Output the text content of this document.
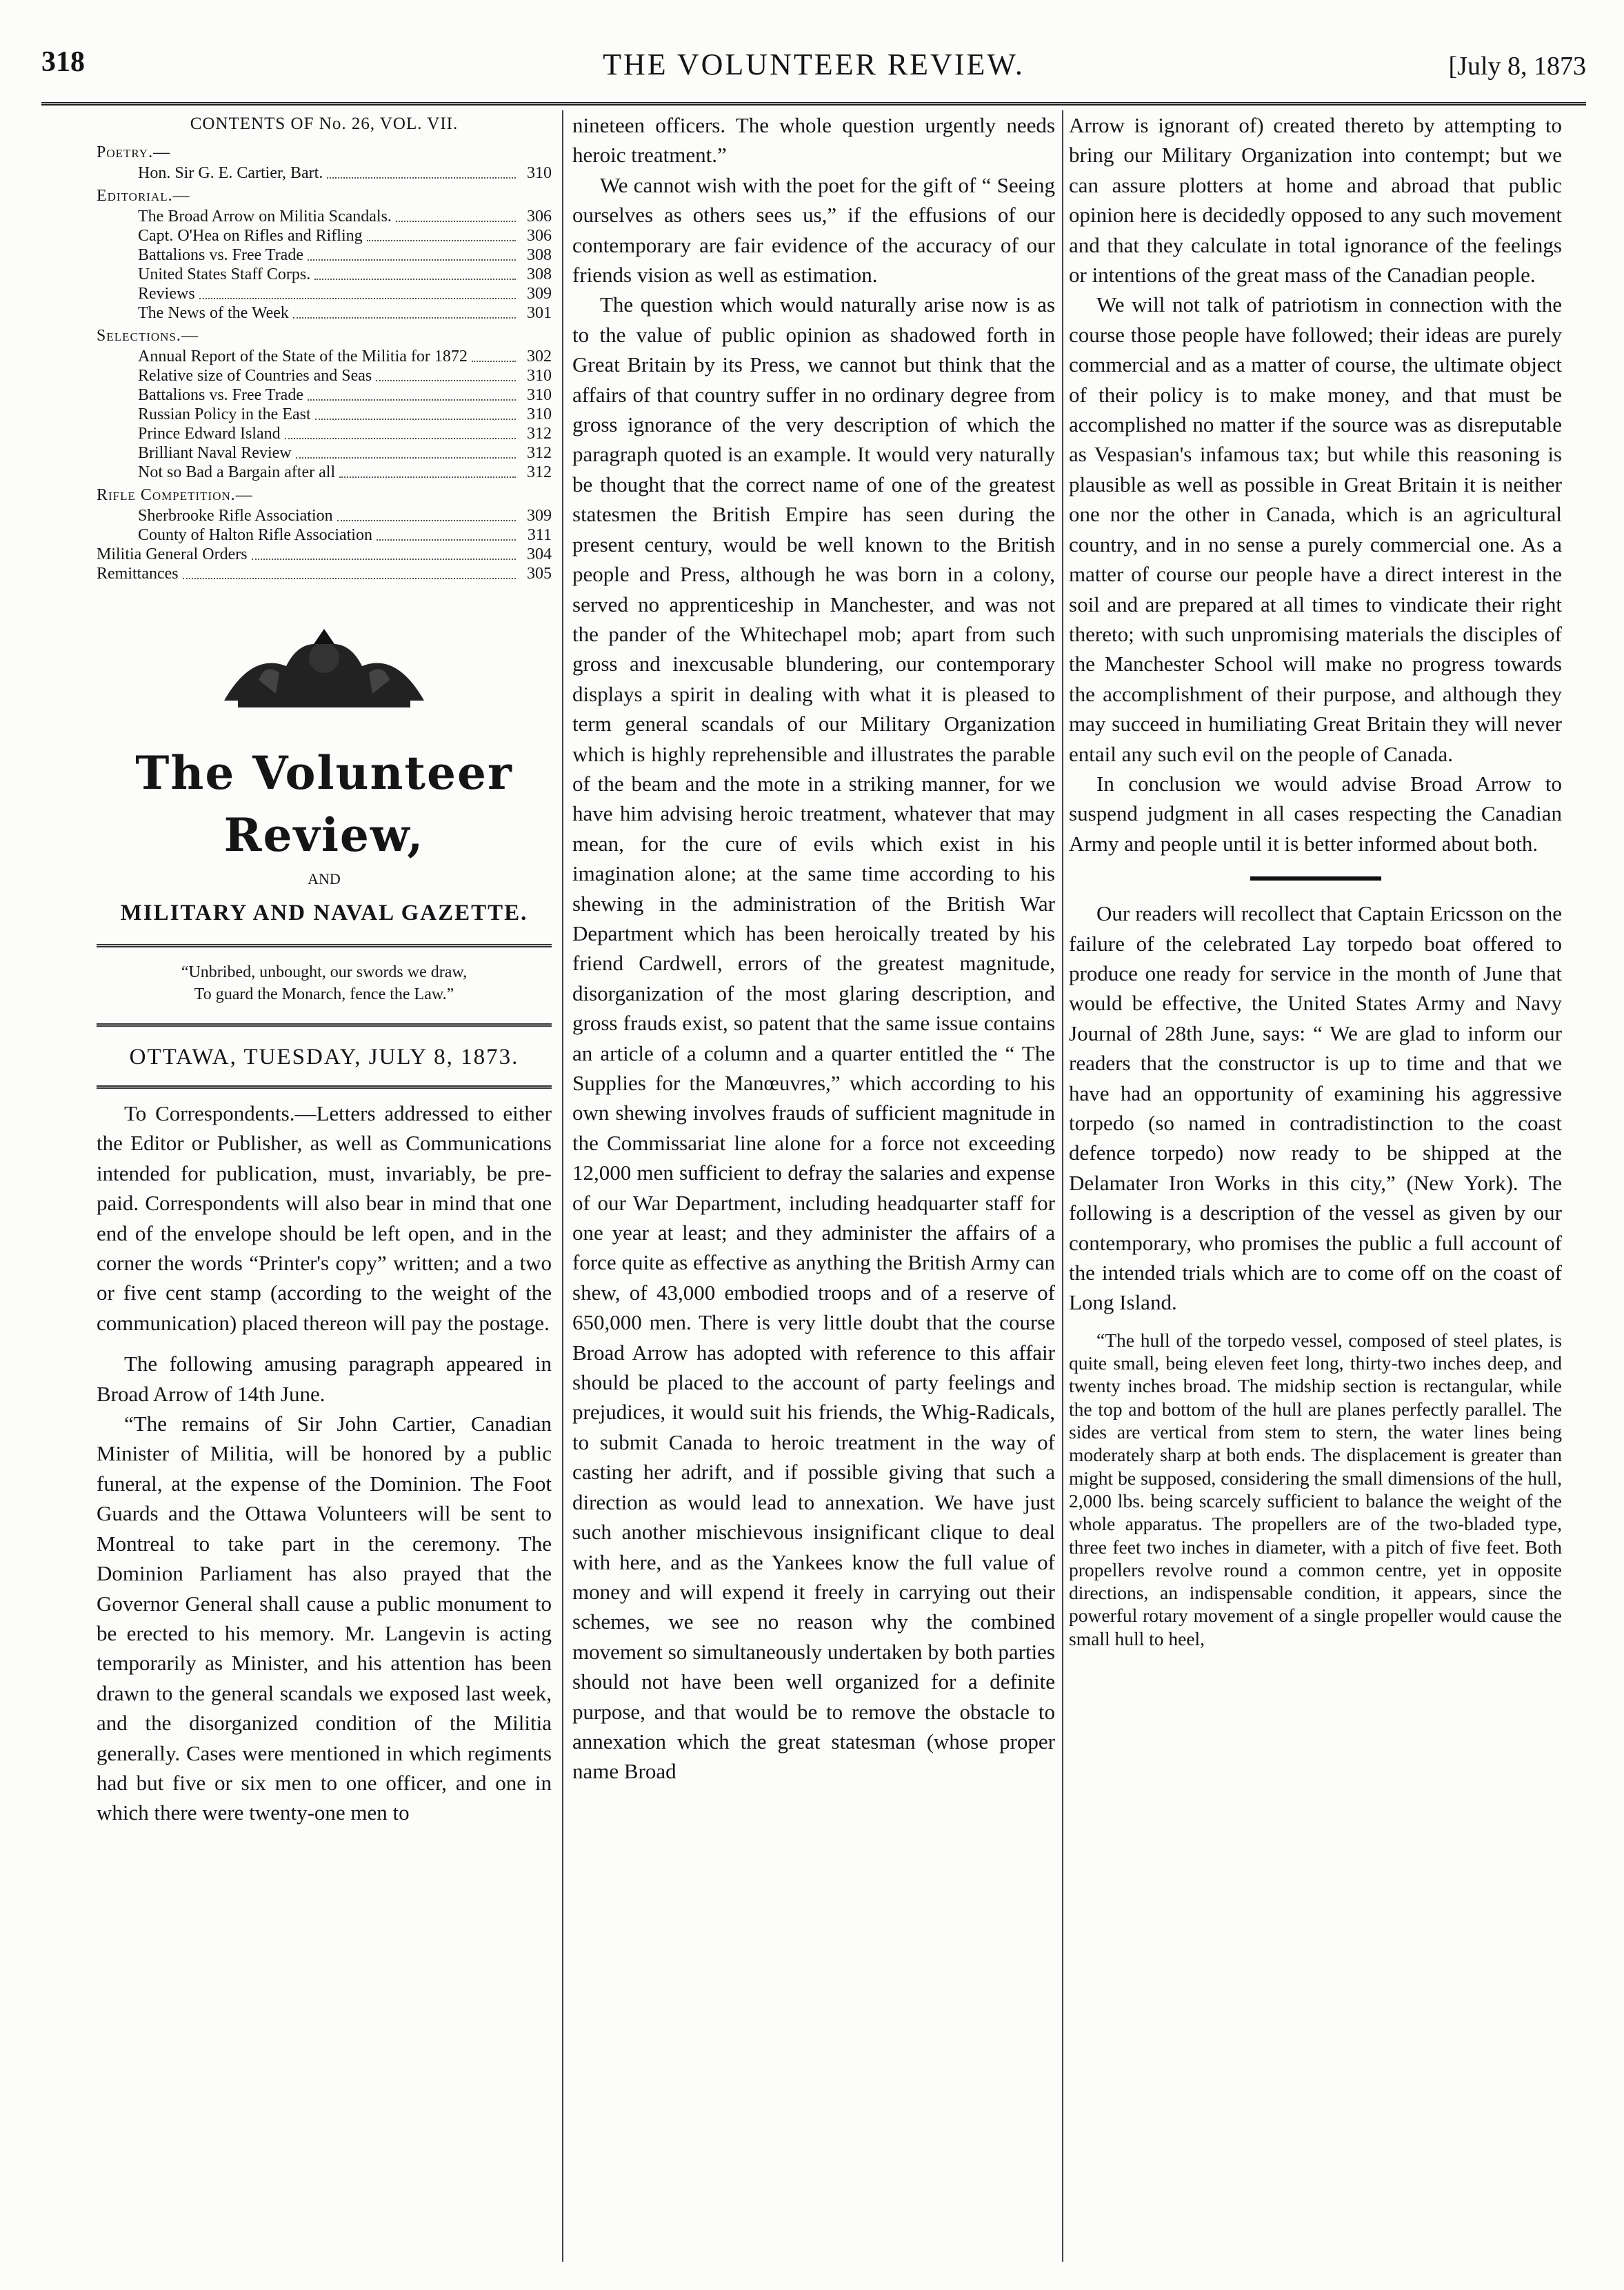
318	THE VOLUNTEER REVIEW.	[July 8, 1873
CONTENTS OF No. 26, VOL. VII.
Poetry.—
Hon. Sir G. E. Cartier, Bart.	310
Editorial.—
The Broad Arrow on Militia Scandals.	306
Capt. O'Hea on Rifles and Rifling	306
Battalions vs. Free Trade	308
United States Staff Corps.	308
Reviews	309
The News of the Week	301
Selections.—
Annual Report of the State of the Militia for 1872	302
Relative size of Countries and Seas	310
Battalions vs. Free Trade	310
Russian Policy in the East	310
Prince Edward Island	312
Brilliant Naval Review	312
Not so Bad a Bargain after all	312
Rifle Competition.—
Sherbrooke Rifle Association	309
County of Halton Rifle Association	311
Militia General Orders	304
Remittances	305

The Volunteer Review,

AND
MILITARY AND NAVAL GAZETTE.
“Unbribed, unbought, our swords we draw,
To guard the Monarch, fence the Law.”
OTTAWA, TUESDAY, JULY 8, 1873.

To Correspondents.—Letters addressed to either the Editor or Publisher, as well as Communications intended for publication, must, invariably, be pre-paid. Correspondents will also bear in mind that one end of the envelope should be left open, and in the corner the words “Printer's copy” written; and a two or five cent stamp (according to the weight of the communication) placed thereon will pay the postage.

The following amusing paragraph appeared in Broad Arrow of 14th June.

“The remains of Sir John Cartier, Canadian Minister of Militia, will be honored by a public funeral, at the expense of the Dominion. The Foot Guards and the Ottawa Volunteers will be sent to Montreal to take part in the ceremony. The Dominion Parliament has also prayed that the Governor General shall cause a public monument to be erected to his memory. Mr. Langevin is acting temporarily as Minister, and his attention has been drawn to the general scandals we exposed last week, and the disorganized condition of the Militia generally. Cases were mentioned in which regiments had but five or six men to one officer, and one in which there were twenty-one men to

nineteen officers. The whole question urgently needs heroic treatment.”

We cannot wish with the poet for the gift of “ Seeing ourselves as others sees us,” if the effusions of our contemporary are fair evidence of the accuracy of our friends vision as well as estimation.

The question which would naturally arise now is as to the value of public opinion as shadowed forth in Great Britain by its Press, we cannot but think that the affairs of that country suffer in no ordinary degree from gross ignorance of the very description of which the paragraph quoted is an example. It would very naturally be thought that the correct name of one of the greatest statesmen the British Empire has seen during the present century, would be well known to the British people and Press, although he was born in a colony, served no apprenticeship in Manchester, and was not the pander of the Whitechapel mob; apart from such gross and inexcusable blundering, our contemporary displays a spirit in dealing with what it is pleased to term general scandals of our Military Organization which is highly reprehensible and illustrates the parable of the beam and the mote in a striking manner, for we have him advising heroic treatment, whatever that may mean, for the cure of evils which exist in his imagination alone; at the same time according to his shewing in the administration of the British War Department which has been heroically treated by his friend Cardwell, errors of the greatest magnitude, disorganization of the most glaring description, and gross frauds exist, so patent that the same issue contains an article of a column and a quarter entitled the “ The Supplies for the Manœuvres,” which according to his own shewing involves frauds of sufficient magnitude in the Commissariat line alone for a force not exceeding 12,000 men sufficient to defray the salaries and expense of our War Department, including headquarter staff for one year at least; and they administer the affairs of a force quite as effective as anything the British Army can shew, of 43,000 embodied troops and of a reserve of 650,000 men. There is very little doubt that the course Broad Arrow has adopted with reference to this affair should be placed to the account of party feelings and prejudices, it would suit his friends, the Whig-Radicals, to submit Canada to heroic treatment in the way of casting her adrift, and if possible giving that such a direction as would lead to annexation. We have just such another mischievous insignificant clique to deal with here, and as the Yankees know the full value of money and will expend it freely in carrying out their schemes, we see no reason why the combined movement so simultaneously undertaken by both parties should not have been well organized for a definite purpose, and that would be to remove the obstacle to annexation which the great statesman (whose proper name Broad

Arrow is ignorant of) created thereto by attempting to bring our Military Organization into contempt; but we can assure plotters at home and abroad that public opinion here is decidedly opposed to any such movement and that they calculate in total ignorance of the feelings or intentions of the great mass of the Canadian people.

We will not talk of patriotism in connection with the course those people have followed; their ideas are purely commercial and as a matter of course, the ultimate object of their policy is to make money, and that must be accomplished no matter if the source was as disreputable as Vespasian's infamous tax; but while this reasoning is plausible as well as possible in Great Britain it is neither one nor the other in Canada, which is an agricultural country, and in no sense a purely commercial one. As a matter of course our people have a direct interest in the soil and are prepared at all times to vindicate their right thereto; with such unpromising materials the disciples of the Manchester School will make no progress towards the accomplishment of their purpose, and although they may succeed in humiliating Great Britain they will never entail any such evil on the people of Canada.

In conclusion we would advise Broad Arrow to suspend judgment in all cases respecting the Canadian Army and people until it is better informed about both.

Our readers will recollect that Captain Ericsson on the failure of the celebrated Lay torpedo boat offered to produce one ready for service in the month of June that would be effective, the United States Army and Navy Journal of 28th June, says: “ We are glad to inform our readers that the constructor is up to time and that we have had an opportunity of examining his aggressive torpedo (so named in contradistinction to the coast defence torpedo) now ready to be shipped at the Delamater Iron Works in this city,” (New York). The following is a description of the vessel as given by our contemporary, who promises the public a full account of the intended trials which are to come off on the coast of Long Island.

“The hull of the torpedo vessel, composed of steel plates, is quite small, being eleven feet long, thirty-two inches deep, and twenty inches broad. The midship section is rectangular, while the top and bottom of the hull are planes perfectly parallel. The sides are vertical from stem to stern, the water lines being moderately sharp at both ends. The displacement is greater than might be supposed, considering the small dimensions of the hull, 2,000 lbs. being scarcely sufficient to balance the weight of the whole apparatus. The propellers are of the two-bladed type, three feet two inches in diameter, with a pitch of five feet. Both propellers revolve round a common centre, yet in opposite directions, an indispensable condition, it appears, since the powerful rotary movement of a single propeller would cause the small hull to heel,
